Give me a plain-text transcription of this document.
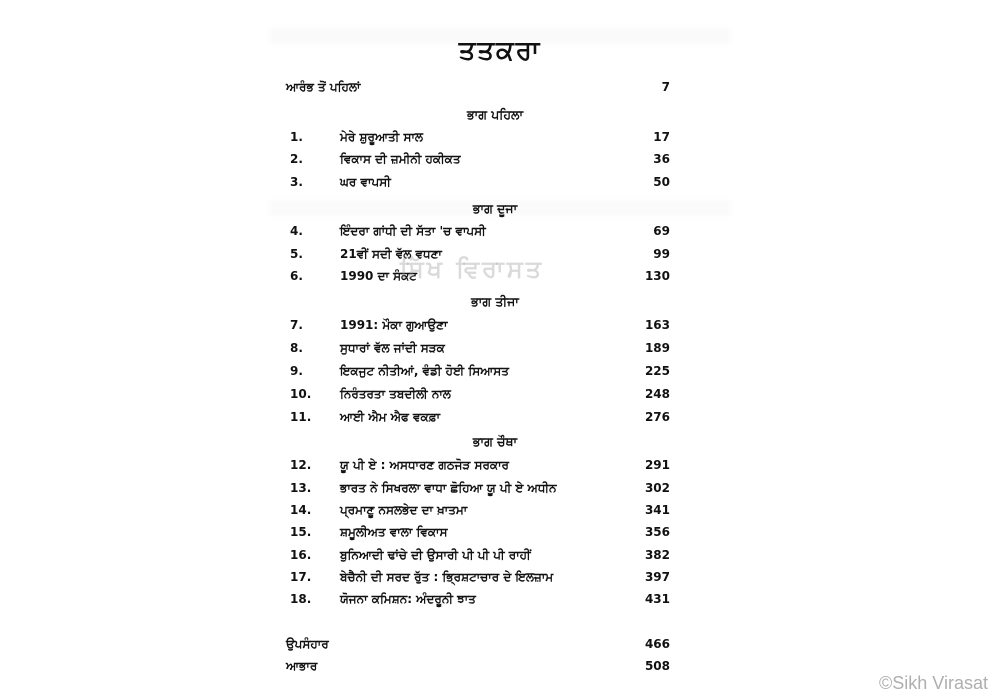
ਤਤਕਰਾ
ਆਰੰਭ ਤੋਂ ਪਹਿਲਾਂ	7
ਭਾਗ ਪਹਿਲਾ
1.	ਮੇਰੇ ਸ਼ੁਰੂਆਤੀ ਸਾਲ	17
2.	ਵਿਕਾਸ ਦੀ ਜ਼ਮੀਨੀ ਹਕੀਕਤ	36
3.	ਘਰ ਵਾਪਸੀ	50
ਭਾਗ ਦੂਜਾ
4.	ਇੰਦਰਾ ਗਾਂਧੀ ਦੀ ਸੱਤਾ 'ਚ ਵਾਪਸੀ	69
5.	21ਵੀਂ ਸਦੀ ਵੱਲ ਵਧਣਾ	99
6.	1990 ਦਾ ਸੰਕਟ	130
ਭਾਗ ਤੀਜਾ
7.	1991: ਮੌਕਾ ਗੁਆਉਣਾ	163
8.	ਸੁਧਾਰਾਂ ਵੱਲ ਜਾਂਦੀ ਸੜਕ	189
9.	ਇਕਜੁਟ ਨੀਤੀਆਂ, ਵੰਡੀ ਹੋਈ ਸਿਆਸਤ	225
10. ਨਿਰੰਤਰਤਾ ਤਬਦੀਲੀ ਨਾਲ	248
11. ਆਈ ਐਮ ਐਫ ਵਕਫ਼ਾ	276
ਭਾਗ ਚੌਥਾ
12. ਯੂ ਪੀ ਏ : ਅਸਧਾਰਣ ਗਠਜੋੜ ਸਰਕਾਰ	291
13. ਭਾਰਤ ਨੇ ਸਿਖਰਲਾ ਵਾਧਾ ਛੋਹਿਆ ਯੂ ਪੀ ਏ ਅਧੀਨ	302
14. ਪ੍ਰਮਾਣੂ ਨਸਲਭੇਦ ਦਾ ਖ਼ਾਤਮਾ	341
15. ਸ਼ਮੂਲੀਅਤ ਵਾਲਾ ਵਿਕਾਸ	356
16. ਬੁਨਿਆਦੀ ਢਾਂਚੇ ਦੀ ਉਸਾਰੀ ਪੀ ਪੀ ਪੀ ਰਾਹੀਂ	382
17. ਬੇਚੈਨੀ ਦੀ ਸਰਦ ਰੁੱਤ : ਭ੍ਰਿਸ਼ਟਾਚਾਰ ਦੇ ਇਲਜ਼ਾਮ	397
18. ਯੋਜਨਾ ਕਮਿਸ਼ਨ: ਅੰਦਰੂਨੀ ਝਾਤ	431
ਉਪਸੰਹਾਰ	466
ਆਭਾਰ	508
ਸਿੱਖ ਵਿਰਾਸਤ
©Sikh Virasat
